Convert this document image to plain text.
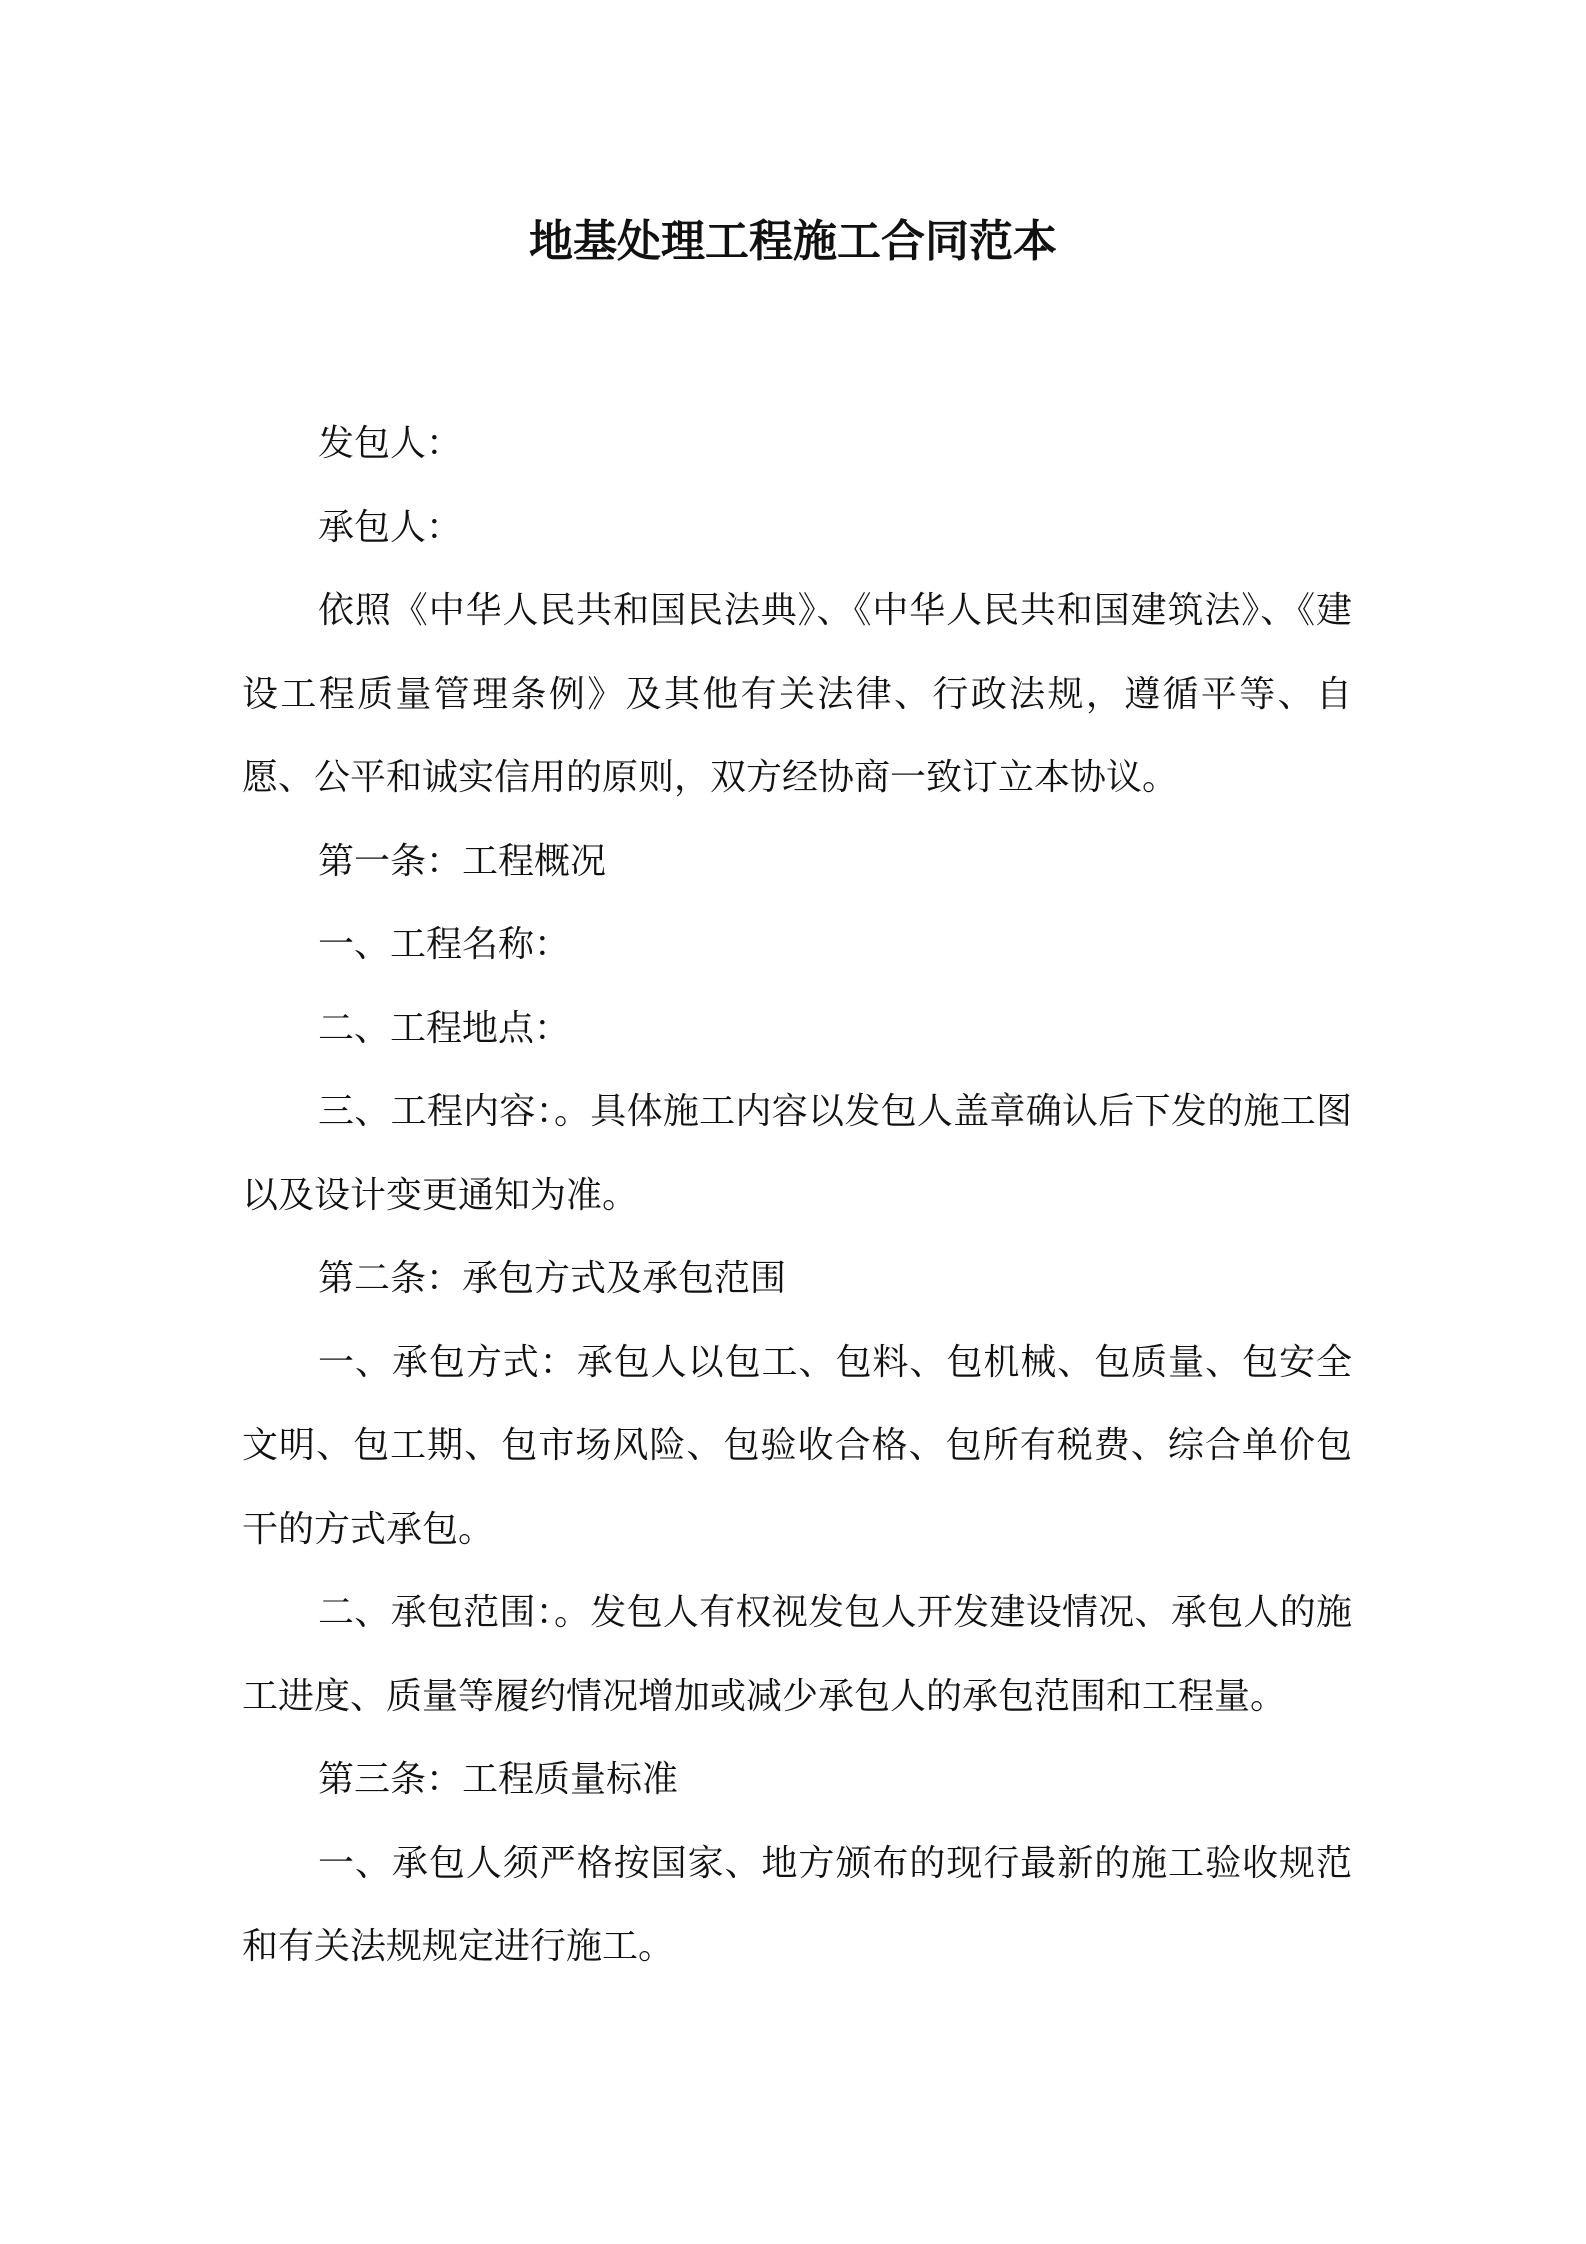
地基处理工程施工合同范本

发包人：

承包人：

依照《中华人民共和国民法典》、《中华人民共和国建筑法》、《建设工程质量管理条例》及其他有关法律、行政法规，遵循平等、自愿、公平和诚实信用的原则，双方经协商一致订立本协议。

第一条：工程概况

一、工程名称：

二、工程地点：

三、工程内容：。具体施工内容以发包人盖章确认后下发的施工图以及设计变更通知为准。

第二条：承包方式及承包范围

一、承包方式：承包人以包工、包料、包机械、包质量、包安全文明、包工期、包市场风险、包验收合格、包所有税费、综合单价包干的方式承包。

二、承包范围：。发包人有权视发包人开发建设情况、承包人的施工进度、质量等履约情况增加或减少承包人的承包范围和工程量。

第三条：工程质量标准

一、承包人须严格按国家、地方颁布的现行最新的施工验收规范和有关法规规定进行施工。
